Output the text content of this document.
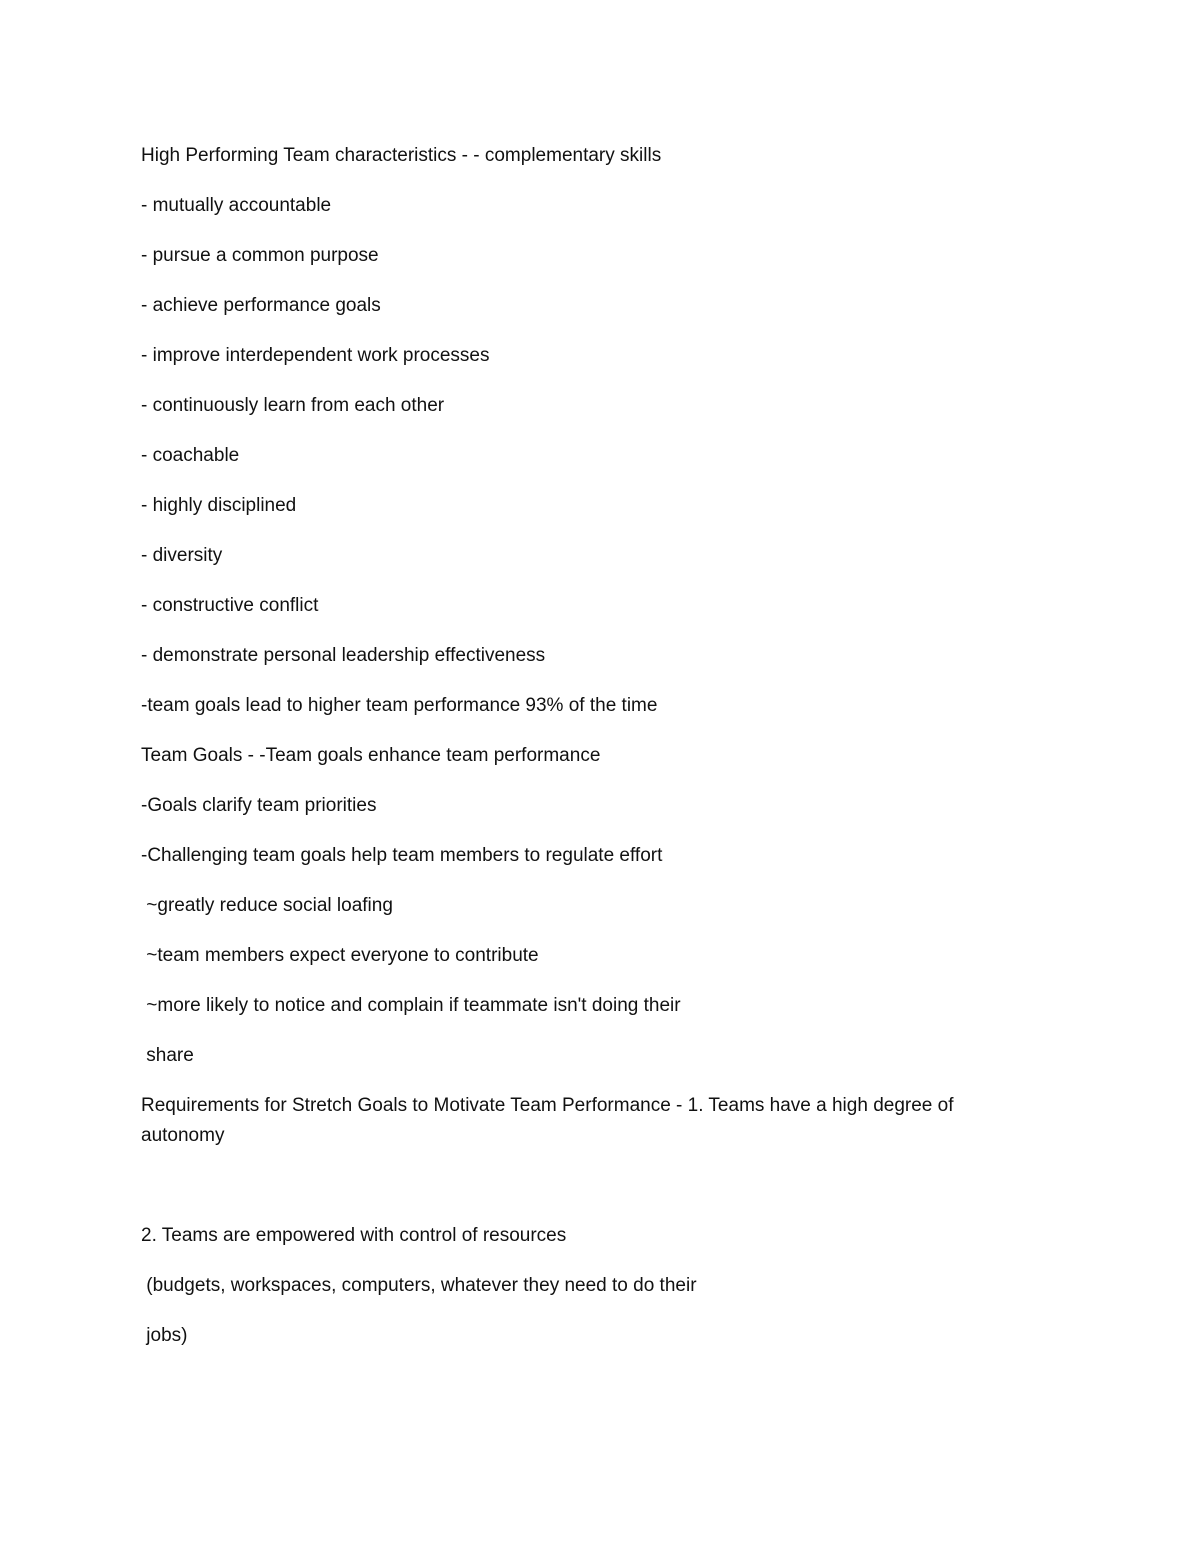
High Performing Team characteristics - - complementary skills

- mutually accountable

- pursue a common purpose

- achieve performance goals

- improve interdependent work processes

- continuously learn from each other

- coachable

- highly disciplined

- diversity

- constructive conflict

- demonstrate personal leadership effectiveness

-team goals lead to higher team performance 93% of the time

Team Goals - -Team goals enhance team performance

-Goals clarify team priorities

-Challenging team goals help team members to regulate effort

~greatly reduce social loafing

~team members expect everyone to contribute

~more likely to notice and complain if teammate isn't doing their

share

Requirements for Stretch Goals to Motivate Team Performance - 1. Teams have a high degree of autonomy

2. Teams are empowered with control of resources

(budgets, workspaces, computers, whatever they need to do their

jobs)
